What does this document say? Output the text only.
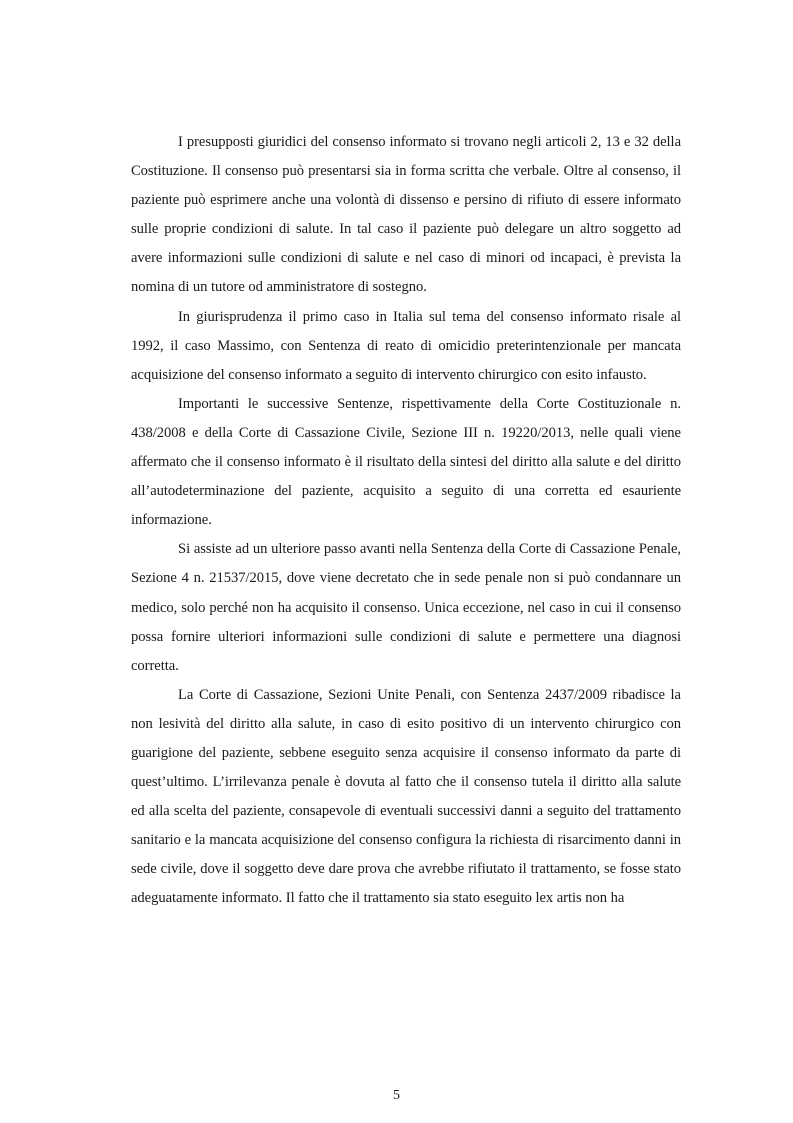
I presupposti giuridici del consenso informato si trovano negli articoli 2, 13 e 32 della Costituzione. Il consenso può presentarsi sia in forma scritta che verbale. Oltre al consenso, il paziente può esprimere anche una volontà di dissenso e persino di rifiuto di essere informato sulle proprie condizioni di salute. In tal caso il paziente può delegare un altro soggetto ad avere informazioni sulle condizioni di salute e nel caso di minori od incapaci, è prevista la nomina di un tutore od amministratore di sostegno.

In giurisprudenza il primo caso in Italia sul tema del consenso informato risale al 1992, il caso Massimo, con Sentenza di reato di omicidio preterintenzionale per mancata acquisizione del consenso informato a seguito di intervento chirurgico con esito infausto.

Importanti le successive Sentenze, rispettivamente della Corte Costituzionale n. 438/2008 e della Corte di Cassazione Civile, Sezione III n. 19220/2013, nelle quali viene affermato che il consenso informato è il risultato della sintesi del diritto alla salute e del diritto all’autodeterminazione del paziente, acquisito a seguito di una corretta ed esauriente informazione.

Si assiste ad un ulteriore passo avanti nella Sentenza della Corte di Cassazione Penale, Sezione 4 n. 21537/2015, dove viene decretato che in sede penale non si può condannare un medico, solo perché non ha acquisito il consenso. Unica eccezione, nel caso in cui il consenso possa fornire ulteriori informazioni sulle condizioni di salute e permettere una diagnosi corretta.

La Corte di Cassazione, Sezioni Unite Penali, con Sentenza 2437/2009 ribadisce la non lesività del diritto alla salute, in caso di esito positivo di un intervento chirurgico con guarigione del paziente, sebbene eseguito senza acquisire il consenso informato da parte di quest’ultimo. L’irrilevanza penale è dovuta al fatto che il consenso tutela il diritto alla salute ed alla scelta del paziente, consapevole di eventuali successivi danni a seguito del trattamento sanitario e la mancata acquisizione del consenso configura la richiesta di risarcimento danni in sede civile, dove il soggetto deve dare prova che avrebbe rifiutato il trattamento, se fosse stato adeguatamente informato. Il fatto che il trattamento sia stato eseguito lex artis non ha

5
